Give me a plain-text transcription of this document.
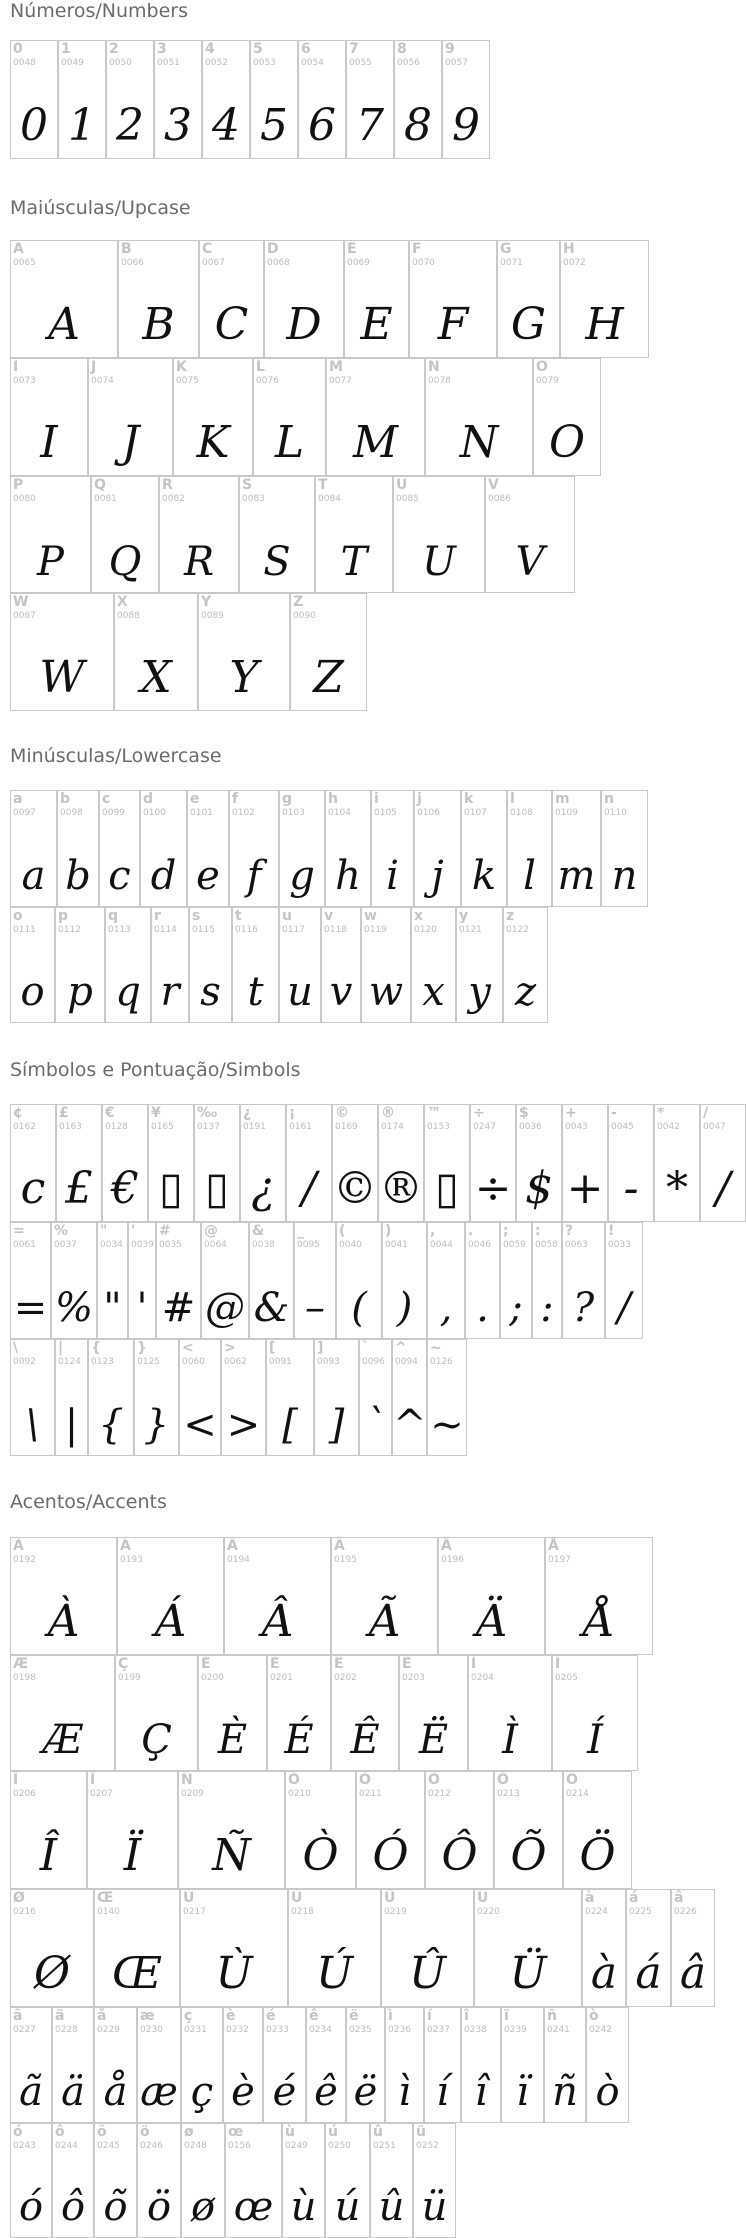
Números/Numbers
0
0048
0
1
0049
1
2
0050
2
3
0051
3
4
0052
4
5
0053
5
6
0054
6
7
0055
7
8
0056
8
9
0057
9
Maiúsculas/Upcase
A
0065
A
B
0066
B
C
0067
C
D
0068
D
E
0069
E
F
0070
F
G
0071
G
H
0072
H
I
0073
I
J
0074
J
K
0075
K
L
0076
L
M
0077
M
N
0078
N
O
0079
O
P
0080
P
Q
0081
Q
R
0082
R
S
0083
S
T
0084
T
U
0085
U
V
0086
V
W
0087
W
X
0088
X
Y
0089
Y
Z
0090
Z
Minúsculas/Lowercase
a
0097
a
b
0098
b
c
0099
c
d
0100
d
e
0101
e
f
0102
f
g
0103
g
h
0104
h
i
0105
i
j
0106
j
k
0107
k
l
0108
l
m
0109
m
n
0110
n
o
0111
o
p
0112
p
q
0113
q
r
0114
r
s
0115
s
t
0116
t
u
0117
u
v
0118
v
w
0119
w
x
0120
x
y
0121
y
z
0122
z
Símbolos e Pontuação/Simbols
¢
0162
c
£
0163
£
€
0128
€
¥
0165
▯
‰
0137
▯
¿
0191
¿
¡
0161
/
©
0169
©
®
0174
®
™
0153
▯
÷
0247
÷
$
0036
$
+
0043
+
-
0045
-
*
0042
*
/
0047
/
=
0061
=
%
0037
%
"
0034
"
'
0039
'
#
0035
#
@
0064
@
&
0038
&
_
0095
–
(
0040
(
)
0041
)
,
0044
,
.
0046
.
;
0059
;
:
0058
:
?
0063
?
!
0033
/
\
0092
\
|
0124
|
{
0123
{
}
0125
}
<
0060
<
>
0062
>
[
0091
[
]
0093
]
`
0096
`
^
0094
^
~
0126
~
Acentos/Accents
À
0192
À
Á
0193
Á
Â
0194
Â
Ã
0195
Ã
Ä
0196
Ä
Å
0197
Å
Æ
0198
Æ
Ç
0199
Ç
È
0200
È
É
0201
É
Ê
0202
Ê
Ë
0203
Ë
Ì
0204
Ì
Í
0205
Í
Î
0206
Î
Ï
0207
Ï
Ñ
0209
Ñ
Ò
0210
Ò
Ó
0211
Ó
Ô
0212
Ô
Õ
0213
Õ
Ö
0214
Ö
Ø
0216
Ø
Œ
0140
Œ
Ù
0217
Ù
Ú
0218
Ú
Û
0219
Û
Ü
0220
Ü
à
0224
à
á
0225
á
â
0226
â
ã
0227
ã
ä
0228
ä
å
0229
å
æ
0230
æ
ç
0231
ç
è
0232
è
é
0233
é
ê
0234
ê
ë
0235
ë
ì
0236
ì
í
0237
í
î
0238
î
ï
0239
ï
ñ
0241
ñ
ò
0242
ò
ó
0243
ó
ô
0244
ô
õ
0245
õ
ö
0246
ö
ø
0248
ø
œ
0156
œ
ù
0249
ù
ú
0250
ú
û
0251
û
ü
0252
ü
